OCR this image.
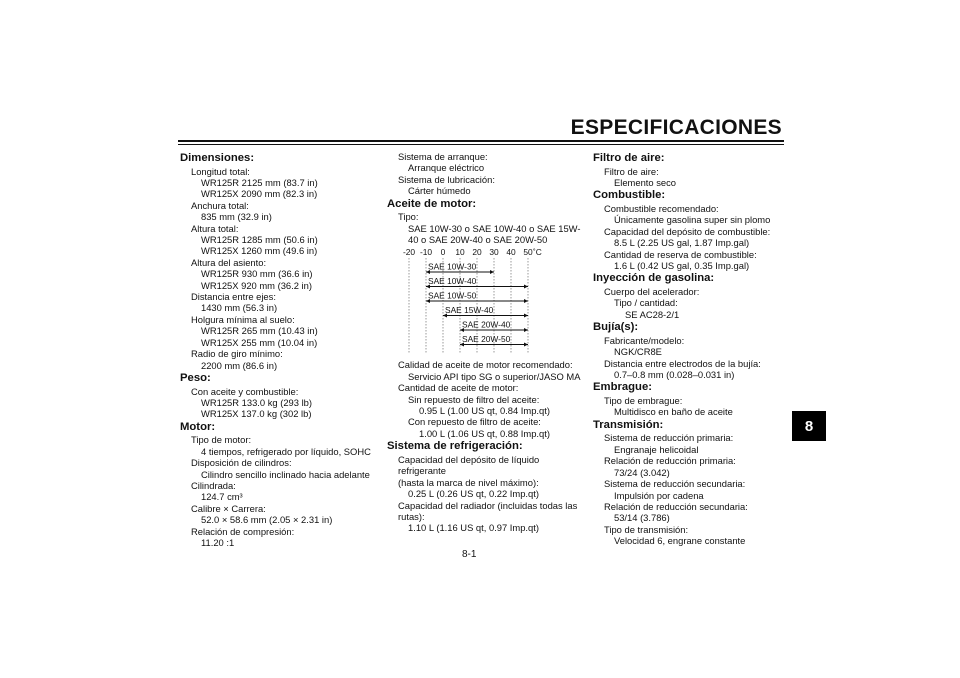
ESPECIFICACIONES
Dimensiones:
Longitud total:
WR125R 2125 mm (83.7 in)
WR125X 2090 mm (82.3 in)
Anchura total:
835 mm (32.9 in)
Altura total:
WR125R 1285 mm (50.6 in)
WR125X 1260 mm (49.6 in)
Altura del asiento:
WR125R 930 mm (36.6 in)
WR125X 920 mm (36.2 in)
Distancia entre ejes:
1430 mm (56.3 in)
Holgura mínima al suelo:
WR125R 265 mm (10.43 in)
WR125X 255 mm (10.04 in)
Radio de giro mínimo:
2200 mm (86.6 in)
Peso:
Con aceite y combustible:
WR125R 133.0 kg (293 lb)
WR125X 137.0 kg (302 lb)
Motor:
Tipo de motor:
4 tiempos, refrigerado por líquido, SOHC
Disposición de cilindros:
Cilindro sencillo inclinado hacia adelante
Cilindrada:
124.7 cm³
Calibre × Carrera:
52.0 × 58.6 mm (2.05 × 2.31 in)
Relación de compresión:
11.20 :1
Sistema de arranque:
Arranque eléctrico
Sistema de lubricación:
Cárter húmedo
Aceite de motor:
Tipo:
SAE 10W-30 o SAE 10W-40 o SAE 15W-
40 o SAE 20W-40 o SAE 20W-50
-20 -10 0 10 20 30 40 50 ˚C
SAE 10W-30
SAE 10W-40
SAE 10W-50
SAE 15W-40
SAE 20W-40
SAE 20W-50
Calidad de aceite de motor recomendado:
Servicio API tipo SG o superior/JASO MA
Cantidad de aceite de motor:
Sin repuesto de filtro del aceite:
0.95 L (1.00 US qt, 0.84 Imp.qt)
Con repuesto de filtro de aceite:
1.00 L (1.06 US qt, 0.88 Imp.qt)
Sistema de refrigeración:
Capacidad del depósito de líquido refrigerante
(hasta la marca de nivel máximo):
0.25 L (0.26 US qt, 0.22 Imp.qt)
Capacidad del radiador (incluidas todas las
rutas):
1.10 L (1.16 US qt, 0.97 Imp.qt)
Filtro de aire:
Filtro de aire:
Elemento seco
Combustible:
Combustible recomendado:
Únicamente gasolina super sin plomo
Capacidad del depósito de combustible:
8.5 L (2.25 US gal, 1.87 Imp.gal)
Cantidad de reserva de combustible:
1.6 L (0.42 US gal, 0.35 Imp.gal)
Inyección de gasolina:
Cuerpo del acelerador:
Tipo / cantidad:
SE AC28-2/1
Bujía(s):
Fabricante/modelo:
NGK/CR8E
Distancia entre electrodos de la bujía:
0.7–0.8 mm (0.028–0.031 in)
Embrague:
Tipo de embrague:
Multidisco en baño de aceite
Transmisión:
Sistema de reducción primaria:
Engranaje helicoidal
Relación de reducción primaria:
73/24 (3.042)
Sistema de reducción secundaria:
Impulsión por cadena
Relación de reducción secundaria:
53/14 (3.786)
Tipo de transmisión:
Velocidad 6, engrane constante
8
8-1
